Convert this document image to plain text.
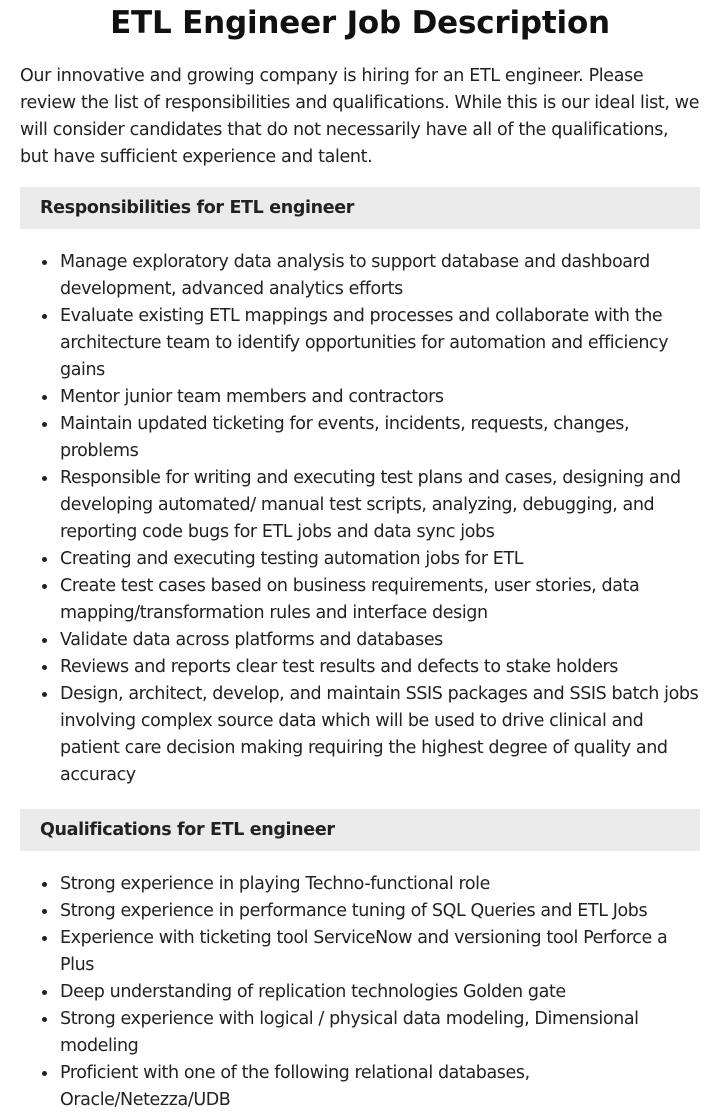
ETL Engineer Job Description

Our innovative and growing company is hiring for an ETL engineer. Please review the list of responsibilities and qualifications. While this is our ideal list, we will consider candidates that do not necessarily have all of the qualifications, but have sufficient experience and talent.

Responsibilities for ETL engineer
Manage exploratory data analysis to support database and dashboard development, advanced analytics efforts
Evaluate existing ETL mappings and processes and collaborate with the architecture team to identify opportunities for automation and efficiency gains
Mentor junior team members and contractors
Maintain updated ticketing for events, incidents, requests, changes, problems
Responsible for writing and executing test plans and cases, designing and developing automated/ manual test scripts, analyzing, debugging, and reporting code bugs for ETL jobs and data sync jobs
Creating and executing testing automation jobs for ETL
Create test cases based on business requirements, user stories, data mapping/transformation rules and interface design
Validate data across platforms and databases
Reviews and reports clear test results and defects to stake holders
Design, architect, develop, and maintain SSIS packages and SSIS batch jobs involving complex source data which will be used to drive clinical and patient care decision making requiring the highest degree of quality and accuracy
Qualifications for ETL engineer
Strong experience in playing Techno-functional role
Strong experience in performance tuning of SQL Queries and ETL Jobs
Experience with ticketing tool ServiceNow and versioning tool Perforce a Plus
Deep understanding of replication technologies Golden gate
Strong experience with logical / physical data modeling, Dimensional modeling
Proficient with one of the following relational databases, Oracle/Netezza/UDB
